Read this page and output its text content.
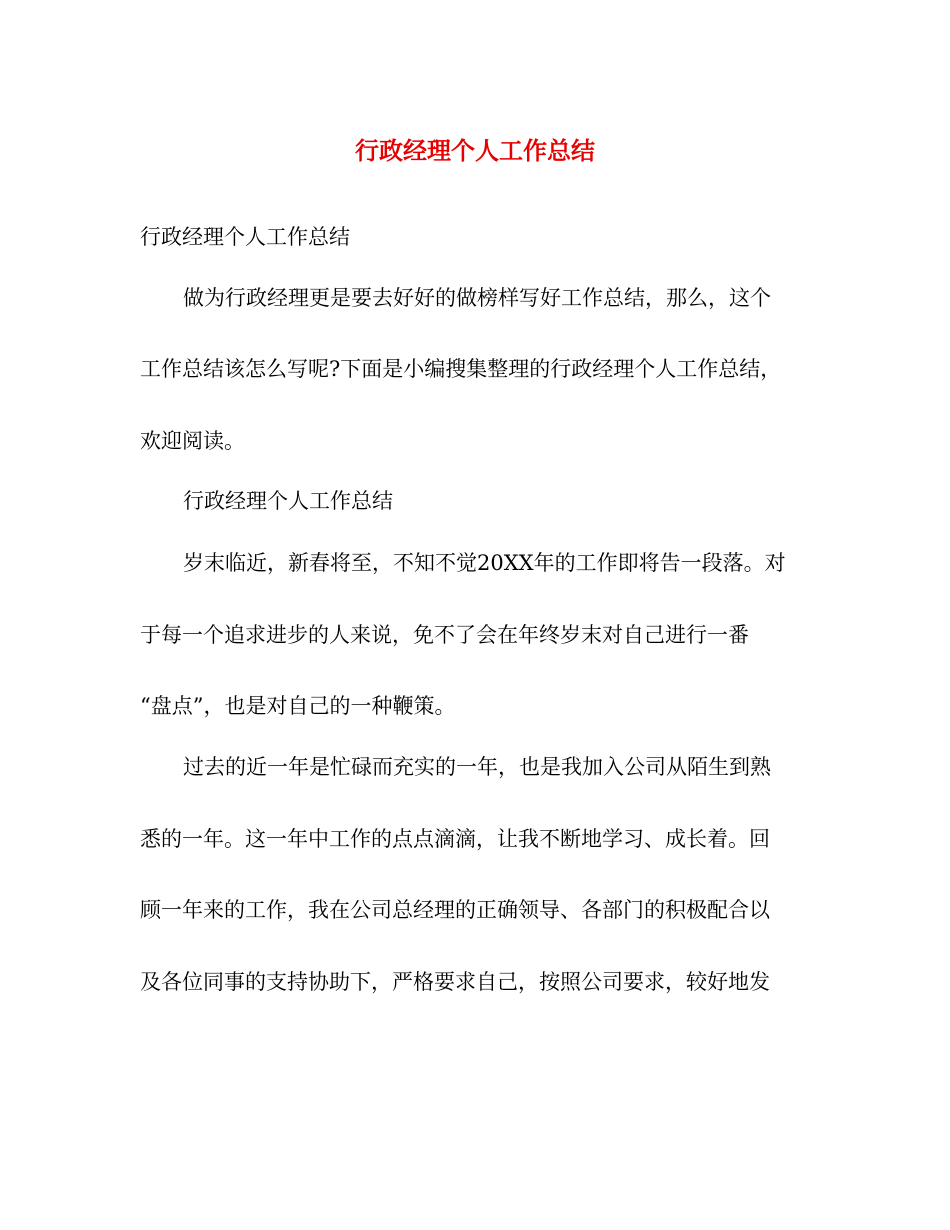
行政经理个人工作总结
行政经理个人工作总结
做为行政经理更是要去好好的做榜样写好工作总结，那么，这个
工作总结该怎么写呢?下面是小编搜集整理的行政经理个人工作总结，
欢迎阅读。
行政经理个人工作总结
岁末临近，新春将至，不知不觉20XX年的工作即将告一段落。对
于每一个追求进步的人来说，免不了会在年终岁末对自己进行一番
“盘点”，也是对自己的一种鞭策。
过去的近一年是忙碌而充实的一年，也是我加入公司从陌生到熟
悉的一年。这一年中工作的点点滴滴，让我不断地学习、成长着。回
顾一年来的工作，我在公司总经理的正确领导、各部门的积极配合以
及各位同事的支持协助下，严格要求自己，按照公司要求，较好地发
